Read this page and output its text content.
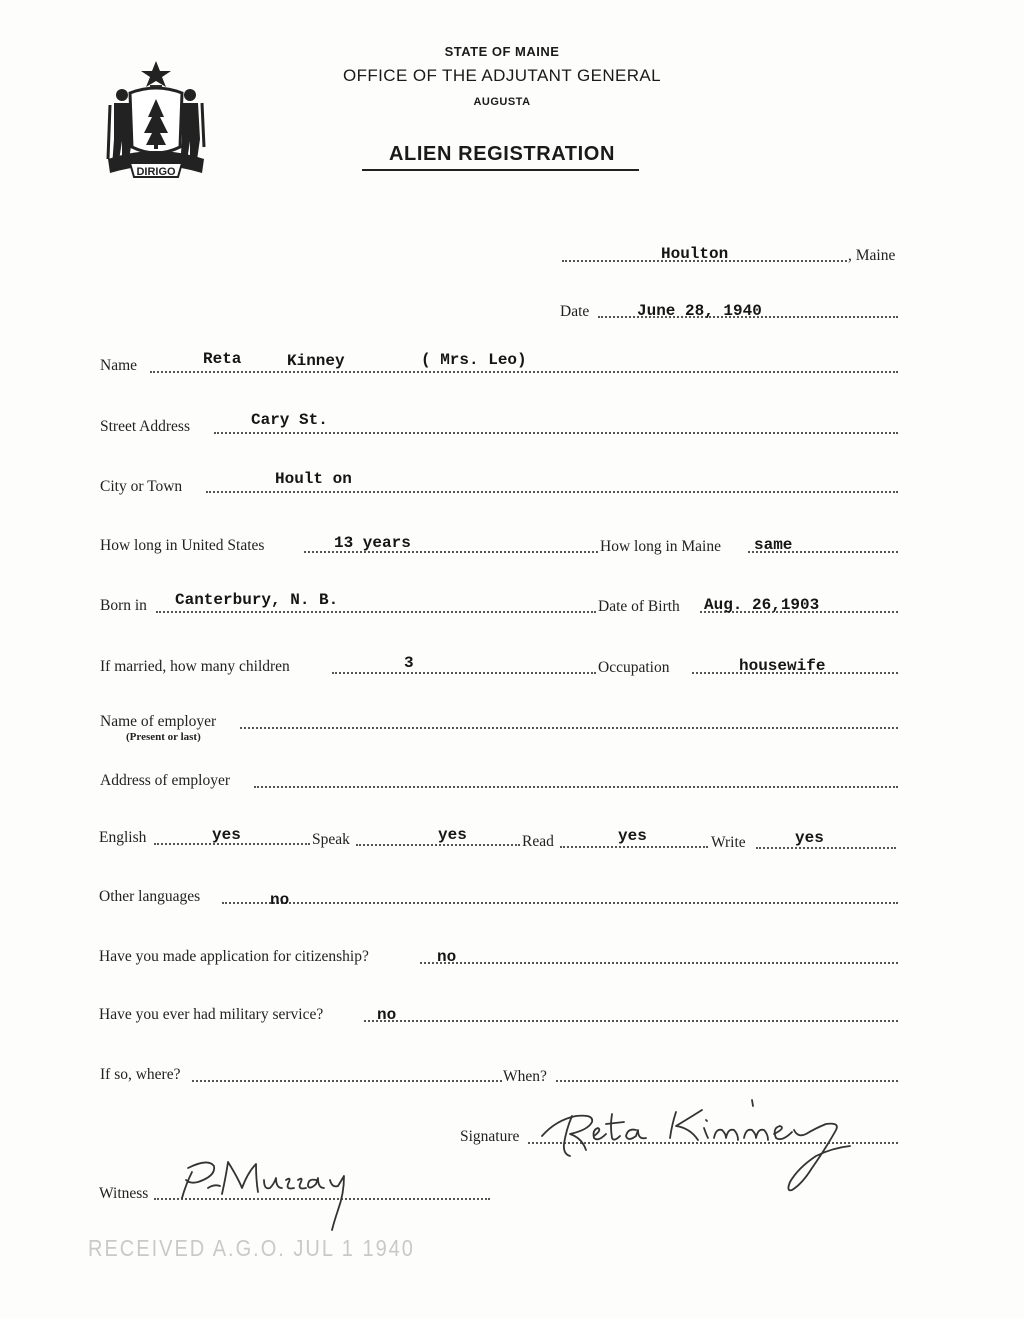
DIRIGO
STATE OF MAINE
OFFICE OF THE ADJUTANT GENERAL
AUGUSTA
ALIEN REGISTRATION
Houlton	, Maine
Date	June 28, 1940
Name	Reta	Kinney	( Mrs. Leo)
Street Address	Cary St.
City or Town	Hoult on
How long in United States	13 years	How long in Maine same
Born in Canterbury, N. B.	Date of Birth Aug. 26,1903
If married, how many children	3	Occupation	housewife
Name of employer
(Present or last)
Address of employer
English	yes	Speak	yes	Read	yes	Write	yes
Other languages	no
Have you made application for citizenship?	no
Have you ever had military service?	no
If so, where?	When?
Signature
Witness
RECEIVED A.G.O. JUL 1 1940
